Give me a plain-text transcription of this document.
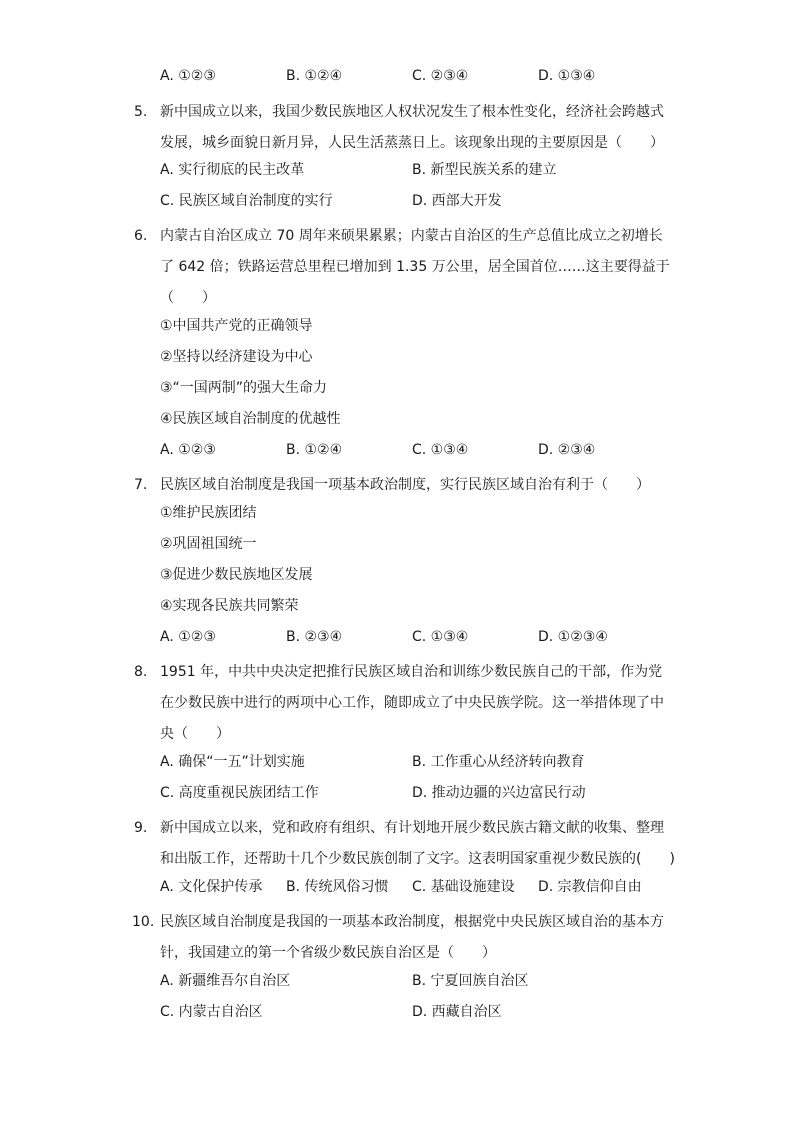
A. ①②③	B. ①②④	C. ②③④	D. ①③④
5. 新中国成立以来，我国少数民族地区人权状况发生了根本性变化，经济社会跨越式
发展，城乡面貌日新月异，人民生活蒸蒸日上。该现象出现的主要原因是（　　）
A. 实行彻底的民主改革	B. 新型民族关系的建立
C. 民族区域自治制度的实行	D. 西部大开发
6. 内蒙古自治区成立 70 周年来硕果累累；内蒙古自治区的生产总值比成立之初增长
了 642 倍；铁路运营总里程已增加到 1.35 万公里，居全国首位……这主要得益于
（　　）
①中国共产党的正确领导
②坚持以经济建设为中心
③“一国两制”的强大生命力
④民族区域自治制度的优越性
A. ①②③	B. ①②④	C. ①③④	D. ②③④
7. 民族区域自治制度是我国一项基本政治制度，实行民族区域自治有利于（　　）
①维护民族团结
②巩固祖国统一
③促进少数民族地区发展
④实现各民族共同繁荣
A. ①②③	B. ②③④	C. ①③④	D. ①②③④
8. 1951 年，中共中央决定把推行民族区域自治和训练少数民族自己的干部，作为党
在少数民族中进行的两项中心工作，随即成立了中央民族学院。这一举措体现了中
央（　　）
A. 确保“一五”计划实施	B. 工作重心从经济转向教育
C. 高度重视民族团结工作	D. 推动边疆的兴边富民行动
9. 新中国成立以来，党和政府有组织、有计划地开展少数民族古籍文献的收集、整理
和出版工作，还帮助十几个少数民族创制了文字。这表明国家重视少数民族的(　　)
A. 文化保护传承 B. 传统风俗习惯 C. 基础设施建设 D. 宗教信仰自由
10. 民族区域自治制度是我国的一项基本政治制度，根据党中央民族区域自治的基本方
针，我国建立的第一个省级少数民族自治区是（　　）
A. 新疆维吾尔自治区	B. 宁夏回族自治区
C. 内蒙古自治区	D. 西藏自治区
